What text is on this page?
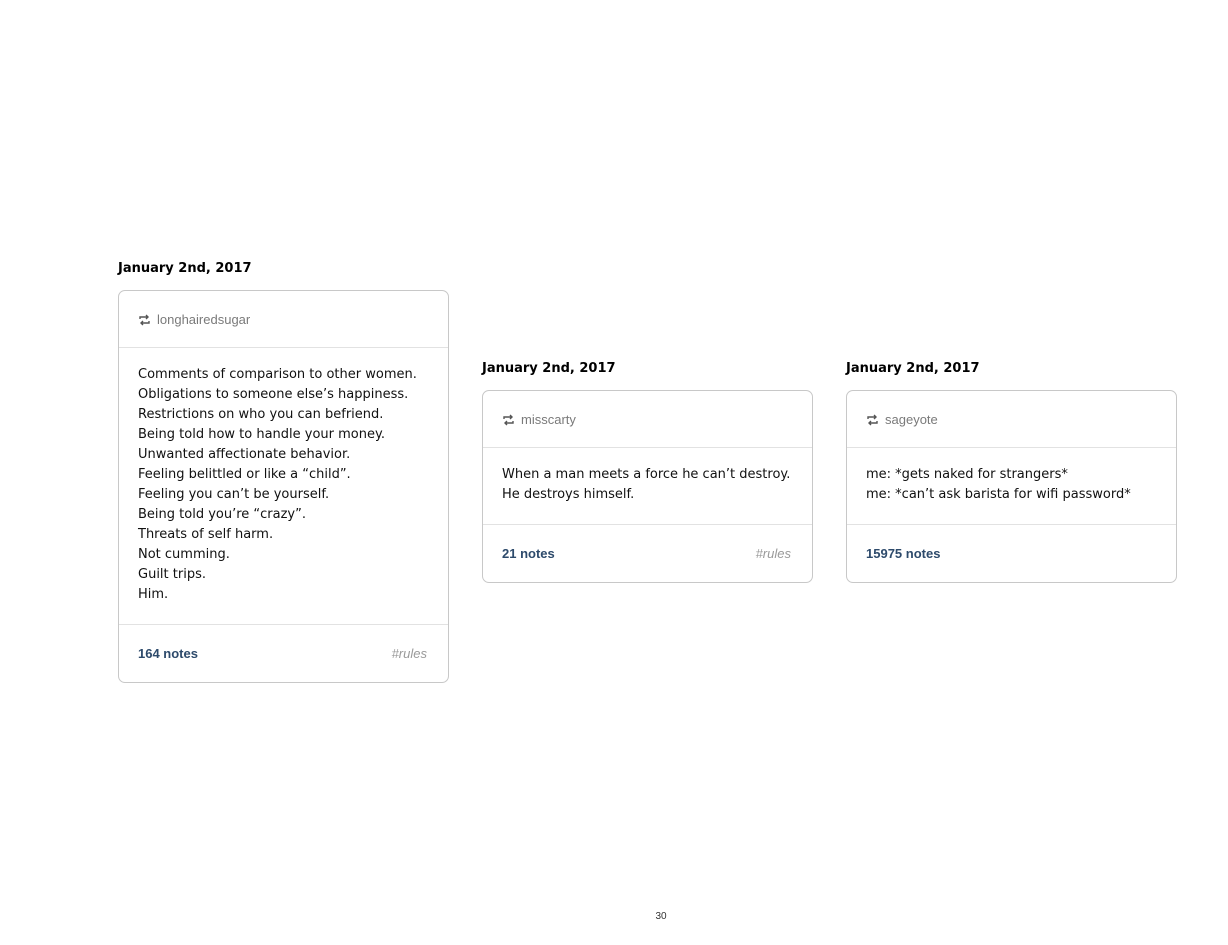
January 2nd, 2017
longhairedsugar
Comments of comparison to other women.
Obligations to someone else’s happiness.
Restrictions on who you can befriend.
Being told how to handle your money.
Unwanted affectionate behavior.
Feeling belittled or like a “child”.
Feeling you can’t be yourself.
Being told you’re “crazy”.
Threats of self harm.
Not cumming.
Guilt trips.
Him.
164 notes	#rules
January 2nd, 2017
misscarty
When a man meets a force he can’t destroy.
He destroys himself.
21 notes	#rules
January 2nd, 2017
sageyote
me: *gets naked for strangers*
me: *can’t ask barista for wifi password*
15975 notes
30
